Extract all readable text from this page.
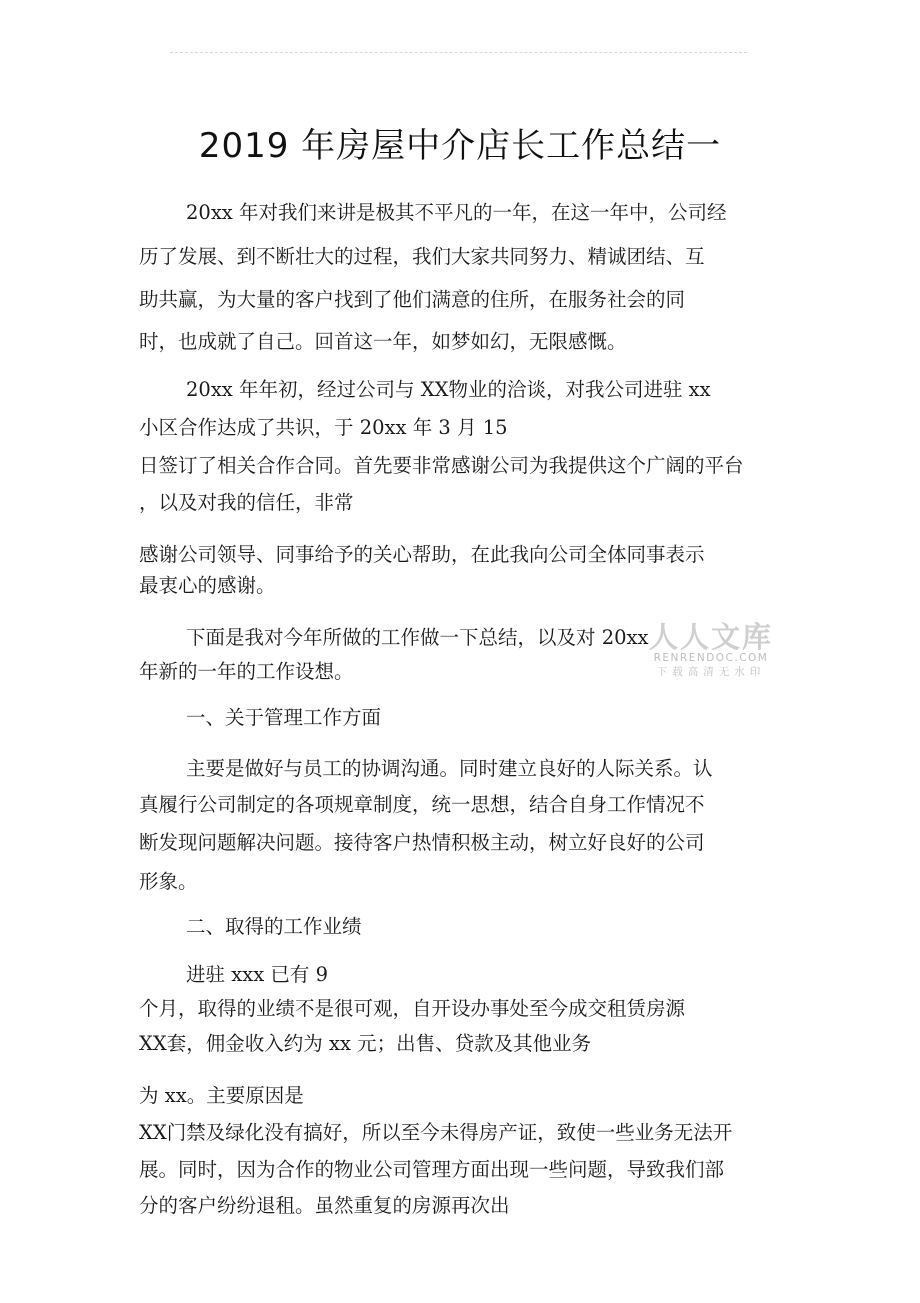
2019 年房屋中介店长工作总结一
20xx 年对我们来讲是极其不平凡的一年，在这一年中，公司经
历了发展、到不断壮大的过程，我们大家共同努力、精诚团结、互
助共赢，为大量的客户找到了他们满意的住所，在服务社会的同
时，也成就了自己。回首这一年，如梦如幻，无限感慨。
20xx 年年初，经过公司与 XX物业的洽谈，对我公司进驻 xx
小区合作达成了共识，于 20xx 年 3 月 15
日签订了相关合作合同。首先要非常感谢公司为我提供这个广阔的平台
，以及对我的信任，非常
感谢公司领导、同事给予的关心帮助，在此我向公司全体同事表示
最衷心的感谢。
下面是我对今年所做的工作做一下总结，以及对 20xx
年新的一年的工作设想。
一、关于管理工作方面
主要是做好与员工的协调沟通。同时建立良好的人际关系。认
真履行公司制定的各项规章制度，统一思想，结合自身工作情况不
断发现问题解决问题。接待客户热情积极主动，树立好良好的公司
形象。
二、取得的工作业绩
进驻 xxx 已有 9
个月，取得的业绩不是很可观，自开设办事处至今成交租赁房源
XX套，佣金收入约为 xx 元；出售、贷款及其他业务
为 xx。主要原因是
XX门禁及绿化没有搞好，所以至今未得房产证，致使一些业务无法开
展。同时，因为合作的物业公司管理方面出现一些问题，导致我们部
分的客户纷纷退租。虽然重复的房源再次出
人人文库
RENRENDOC.COM
下载高清无水印
